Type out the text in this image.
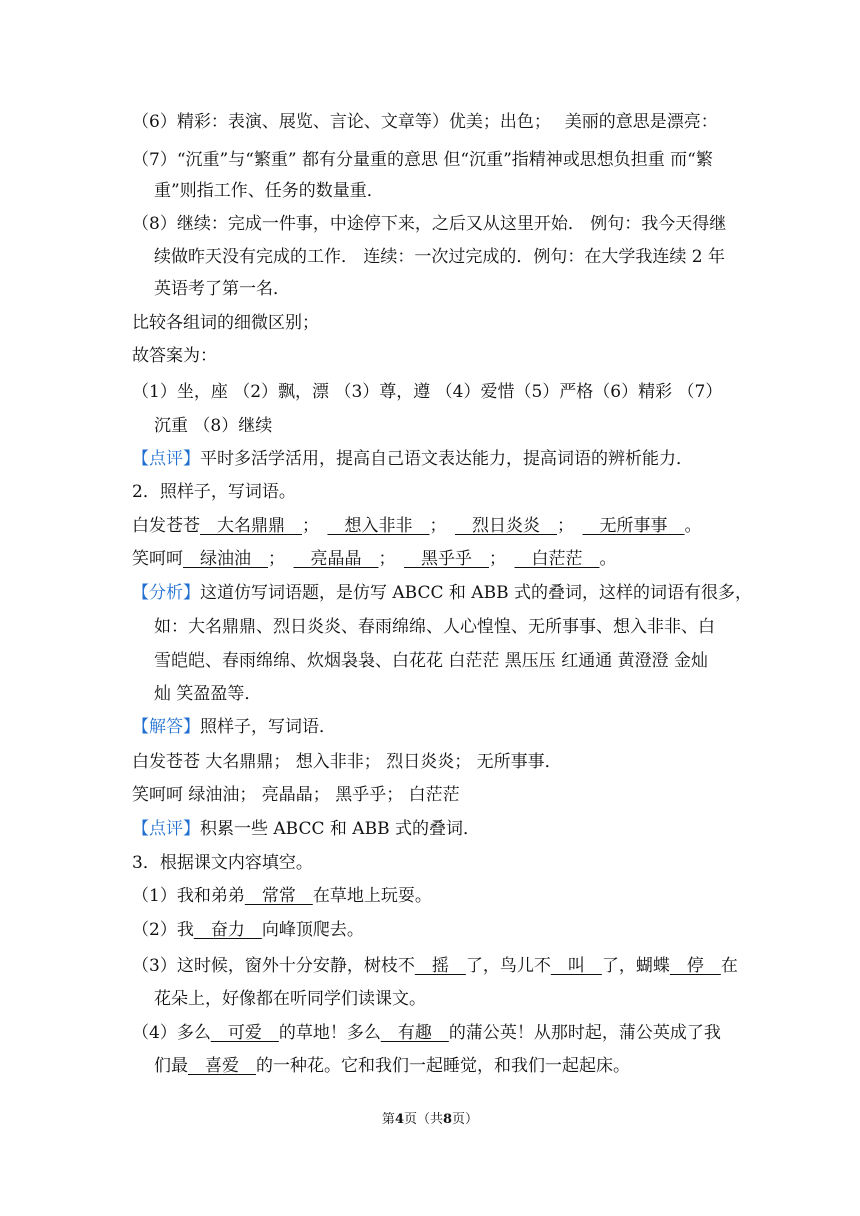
（6）精彩：表演、展览、言论、文章等）优美；出色；　 美丽的意思是漂亮：
（7）“沉重”与“繁重” 都有分量重的意思 但“沉重”指精神或思想负担重 而“繁
重”则指工作、任务的数量重．
（8）继续：完成一件事，中途停下来，之后又从这里开始． 例句：我今天得继
续做昨天没有完成的工作． 连续：一次过完成的．例句：在大学我连续 2 年
英语考了第一名．
比较各组词的细微区别；
故答案为：
（1）坐，座 （2）飘，漂 （3）尊，遵 （4）爱惜（5）严格（6）精彩 （7）
沉重 （8）继续
【点评】平时多活学活用，提高自己语文表达能力，提高词语的辨析能力．
2．照样子，写词语。
白发苍苍　大名鼎鼎　；　　想入非非　；　　烈日炎炎　；　　无所事事　。
笑呵呵　绿油油　；　　亮晶晶　；　　黑乎乎　；　　白茫茫　。
【分析】这道仿写词语题，是仿写 ABCC 和 ABB 式的叠词，这样的词语有很多，
如：大名鼎鼎、烈日炎炎、春雨绵绵、人心惶惶、无所事事、想入非非、白
雪皑皑、春雨绵绵、炊烟袅袅、白花花 白茫茫 黑压压 红通通 黄澄澄 金灿
灿 笑盈盈等．
【解答】照样子，写词语．
白发苍苍 大名鼎鼎； 想入非非； 烈日炎炎； 无所事事．
笑呵呵 绿油油； 亮晶晶； 黑乎乎； 白茫茫
【点评】积累一些 ABCC 和 ABB 式的叠词．
3．根据课文内容填空。
（1）我和弟弟　常常　在草地上玩耍。
（2）我　奋力　向峰顶爬去。
（3）这时候，窗外十分安静，树枝不　摇　了，鸟儿不　叫　了，蝴蝶　停　在
花朵上，好像都在听同学们读课文。
（4）多么　可爱　的草地！多么　有趣　的蒲公英！从那时起，蒲公英成了我
们最　喜爱　的一种花。它和我们一起睡觉，和我们一起起床。
第4页（共8页）
